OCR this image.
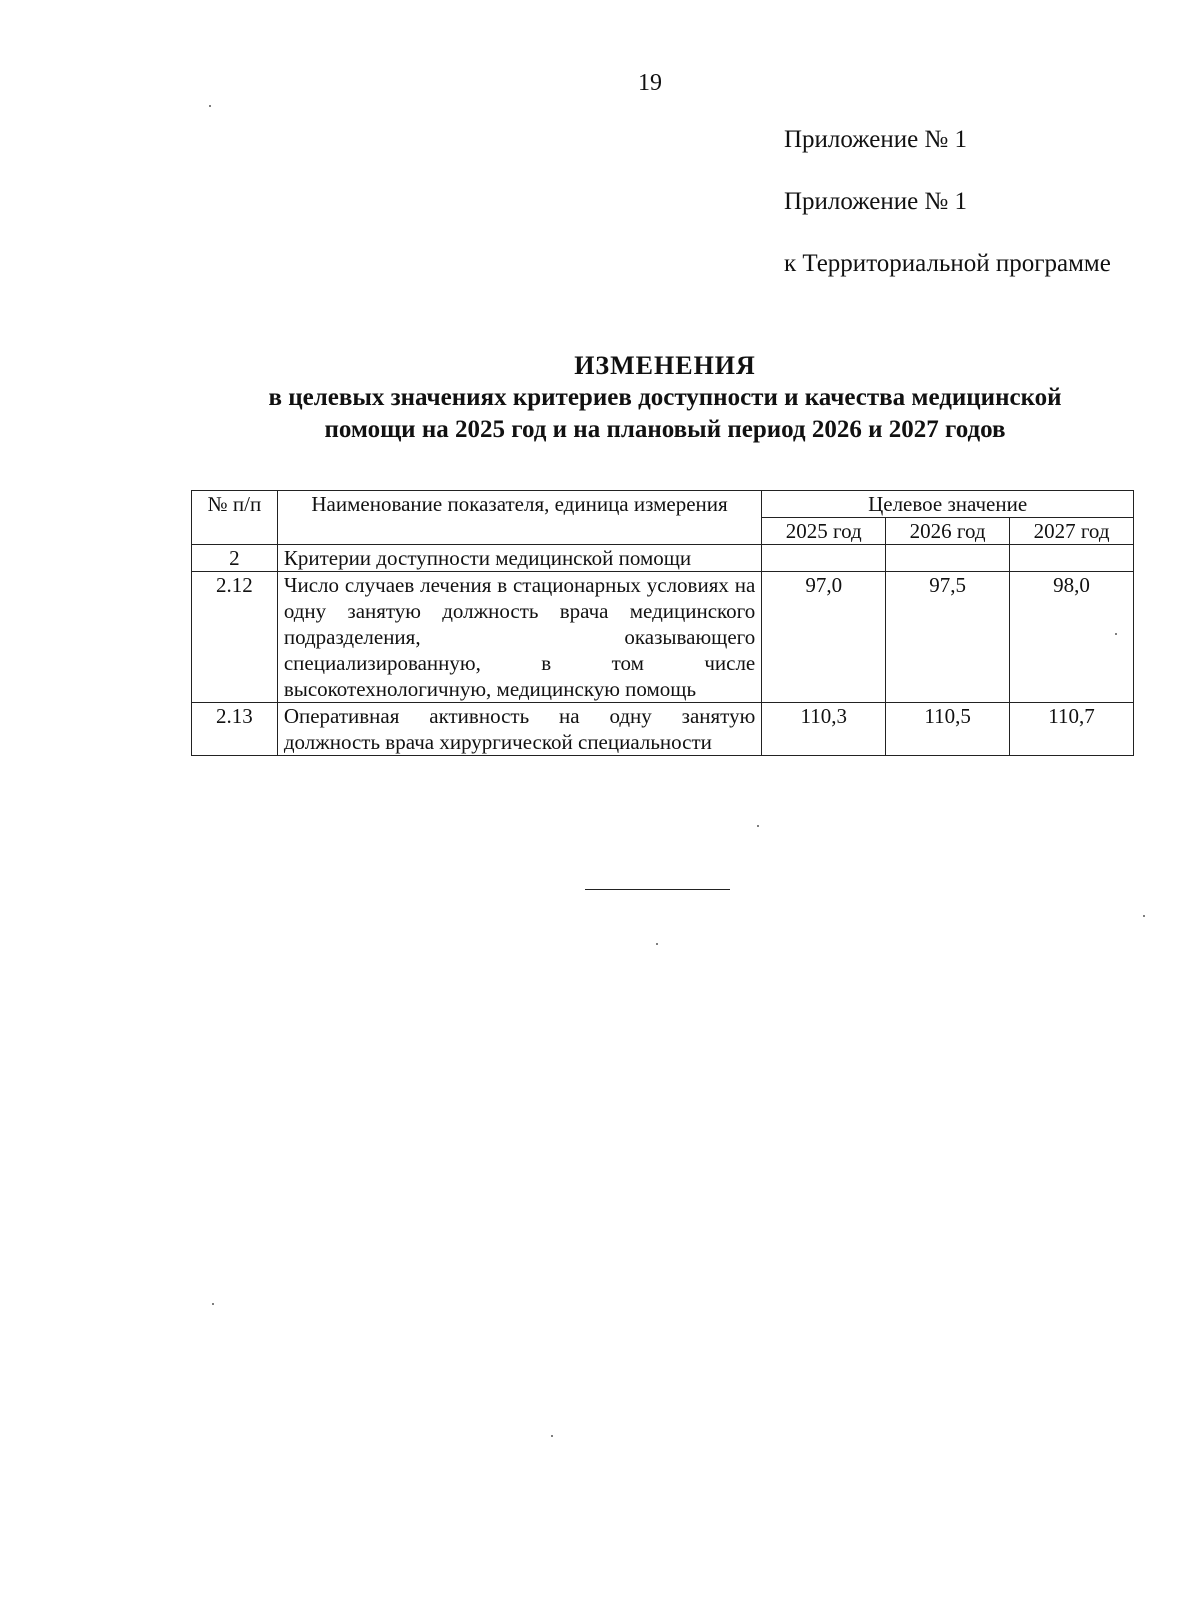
19
Приложение № 1
Приложение № 1
к Территориальной программе
ИЗМЕНЕНИЯ
в целевых значениях критериев доступности и качества медицинской
помощи на 2025 год и на плановый период 2026 и 2027 годов
№ п/п	Наименование показателя, единица измерения	Целевое значение		
		2025 год	2026 год	2027 год
2	Критерии доступности медицинской помощи			
2.12	Число случаев лечения в стационарных условиях на одну занятую должность врача медицинского подразделения, оказывающего специализированную, в том числе высокотехнологичную, медицинскую помощь	97,0	97,5	98,0
2.13	Оперативная активность на одну занятую должность врача хирургической специальности	110,3	110,5	110,7
